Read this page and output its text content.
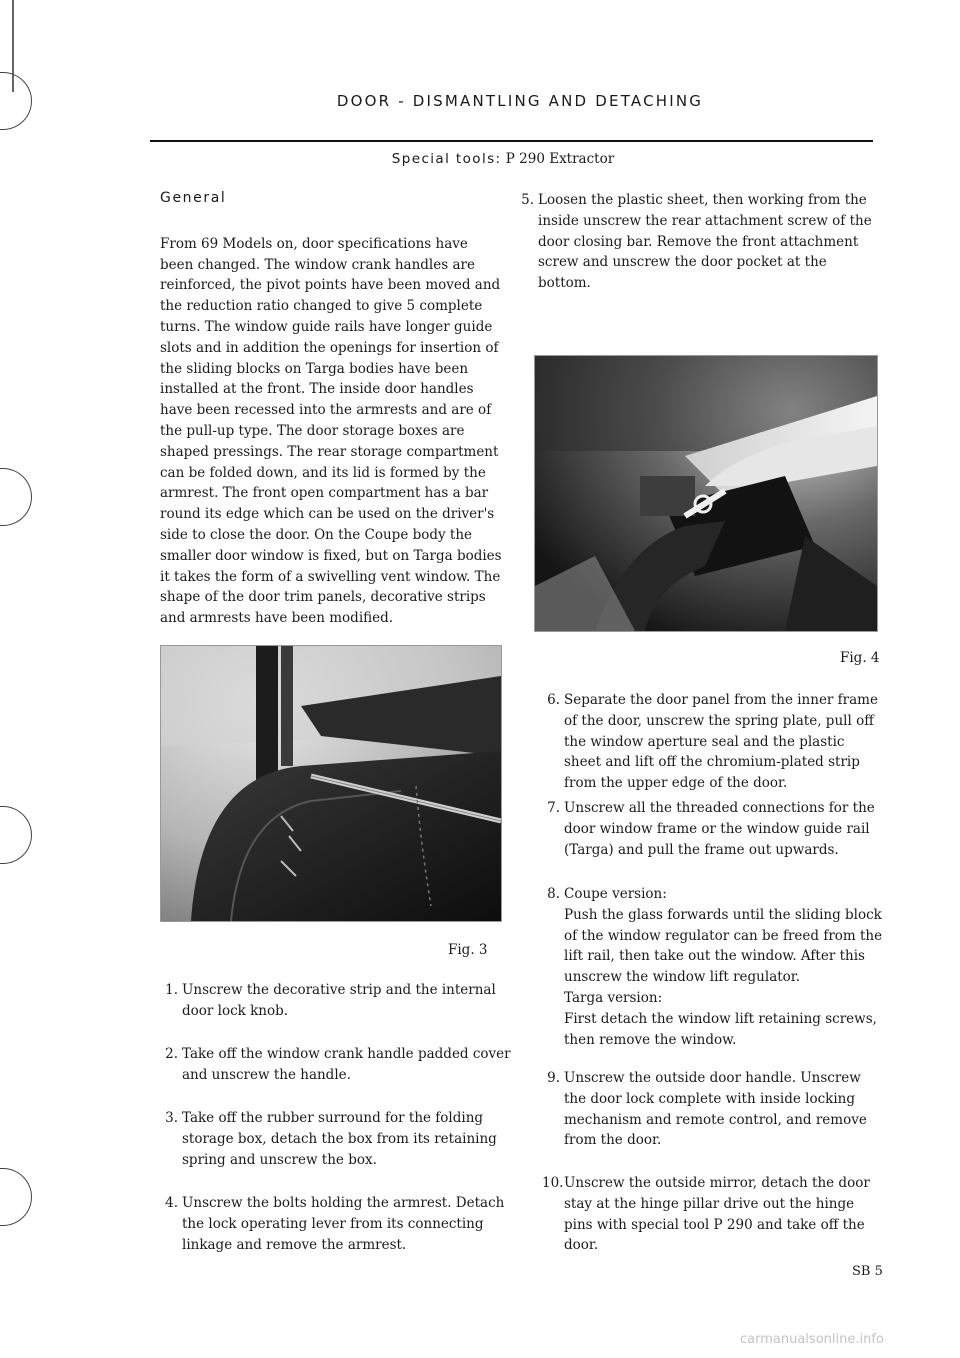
DOOR - DISMANTLING AND DETACHING
Special tools: P 290 Extractor

General

From 69 Models on, door specifications have been changed. The window crank handles are reinforced, the pivot points have been moved and the reduction ratio changed to give 5 complete turns. The window guide rails have longer guide slots and in addition the openings for insertion of the sliding blocks on Targa bodies have been installed at the front. The inside door handles have been recessed into the armrests and are of the pull-up type. The door storage boxes are shaped pressings. The rear storage compartment can be folded down, and its lid is formed by the armrest. The front open compartment has a bar round its edge which can be used on the driver's side to close the door. On the Coupe body the smaller door window is fixed, but on Targa bodies it takes the form of a swivelling vent window. The shape of the door trim panels, decorative strips and armrests have been modified.

Fig. 3
Fig. 4
5. Loosen the plastic sheet, then working from the inside unscrew the rear attachment screw of the door closing bar. Remove the front attachment screw and unscrew the door pocket at the bottom.

1. Unscrew the decorative strip and the internal door lock knob.

2. Take off the window crank handle padded cover and unscrew the handle.

3. Take off the rubber surround for the folding storage box, detach the box from its retaining spring and unscrew the box.

4. Unscrew the bolts holding the armrest. Detach the lock operating lever from its connecting linkage and remove the armrest.

6. Separate the door panel from the inner frame of the door, unscrew the spring plate, pull off the window aperture seal and the plastic sheet and lift off the chromium-plated strip from the upper edge of the door.

7. Unscrew all the threaded connections for the door window frame or the window guide rail (Targa) and pull the frame out upwards.

8. Coupe version:

Push the glass forwards until the sliding block of the window regulator can be freed from the lift rail, then take out the window. After this unscrew the window lift regulator.

Targa version:

First detach the window lift retaining screws, then remove the window.

9. Unscrew the outside door handle. Unscrew the door lock complete with inside locking mechanism and remote control, and remove from the door.

10. Unscrew the outside mirror, detach the door stay at the hinge pillar drive out the hinge pins with special tool P 290 and take off the door.

SB 5
carmanualsonline.info
